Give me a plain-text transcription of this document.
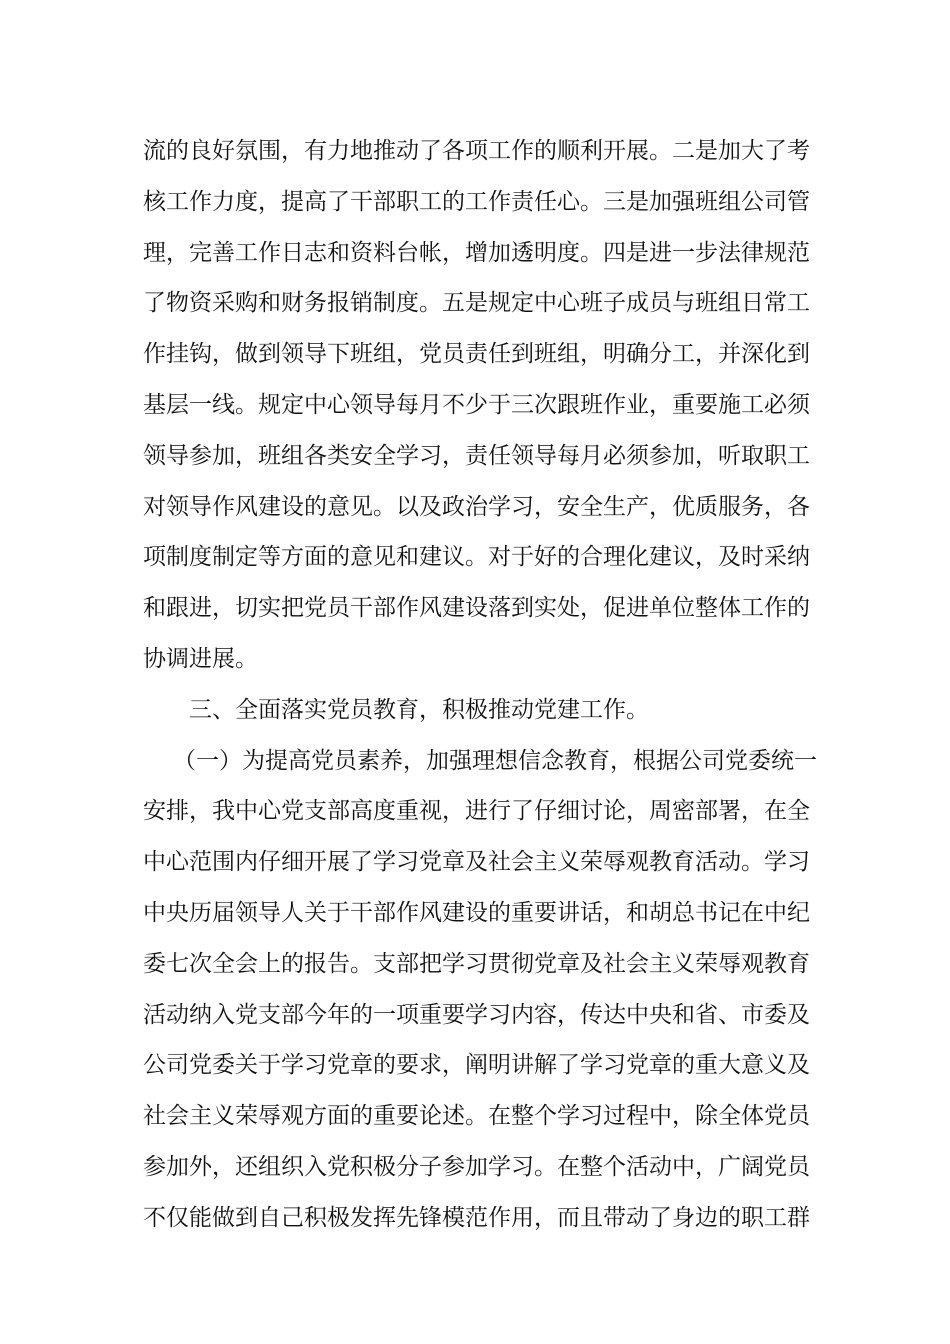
流的良好氛围，有力地推动了各项工作的顺利开展。二是加大了考
核工作力度，提高了干部职工的工作责任心。三是加强班组公司管
理，完善工作日志和资料台帐，增加透明度。四是进一步法律规范
了物资采购和财务报销制度。五是规定中心班子成员与班组日常工
作挂钩，做到领导下班组，党员责任到班组，明确分工，并深化到
基层一线。规定中心领导每月不少于三次跟班作业，重要施工必须
领导参加，班组各类安全学习，责任领导每月必须参加，听取职工
对领导作风建设的意见。以及政治学习，安全生产，优质服务，各
项制度制定等方面的意见和建议。对于好的合理化建议，及时采纳
和跟进，切实把党员干部作风建设落到实处，促进单位整体工作的
协调进展。
三、全面落实党员教育，积极推动党建工作。
（一）为提高党员素养，加强理想信念教育，根据公司党委统一
安排，我中心党支部高度重视，进行了仔细讨论，周密部署，在全
中心范围内仔细开展了学习党章及社会主义荣辱观教育活动。学习
中央历届领导人关于干部作风建设的重要讲话，和胡总书记在中纪
委七次全会上的报告。支部把学习贯彻党章及社会主义荣辱观教育
活动纳入党支部今年的一项重要学习内容，传达中央和省、市委及
公司党委关于学习党章的要求，阐明讲解了学习党章的重大意义及
社会主义荣辱观方面的重要论述。在整个学习过程中，除全体党员
参加外，还组织入党积极分子参加学习。在整个活动中，广阔党员
不仅能做到自己积极发挥先锋模范作用，而且带动了身边的职工群
